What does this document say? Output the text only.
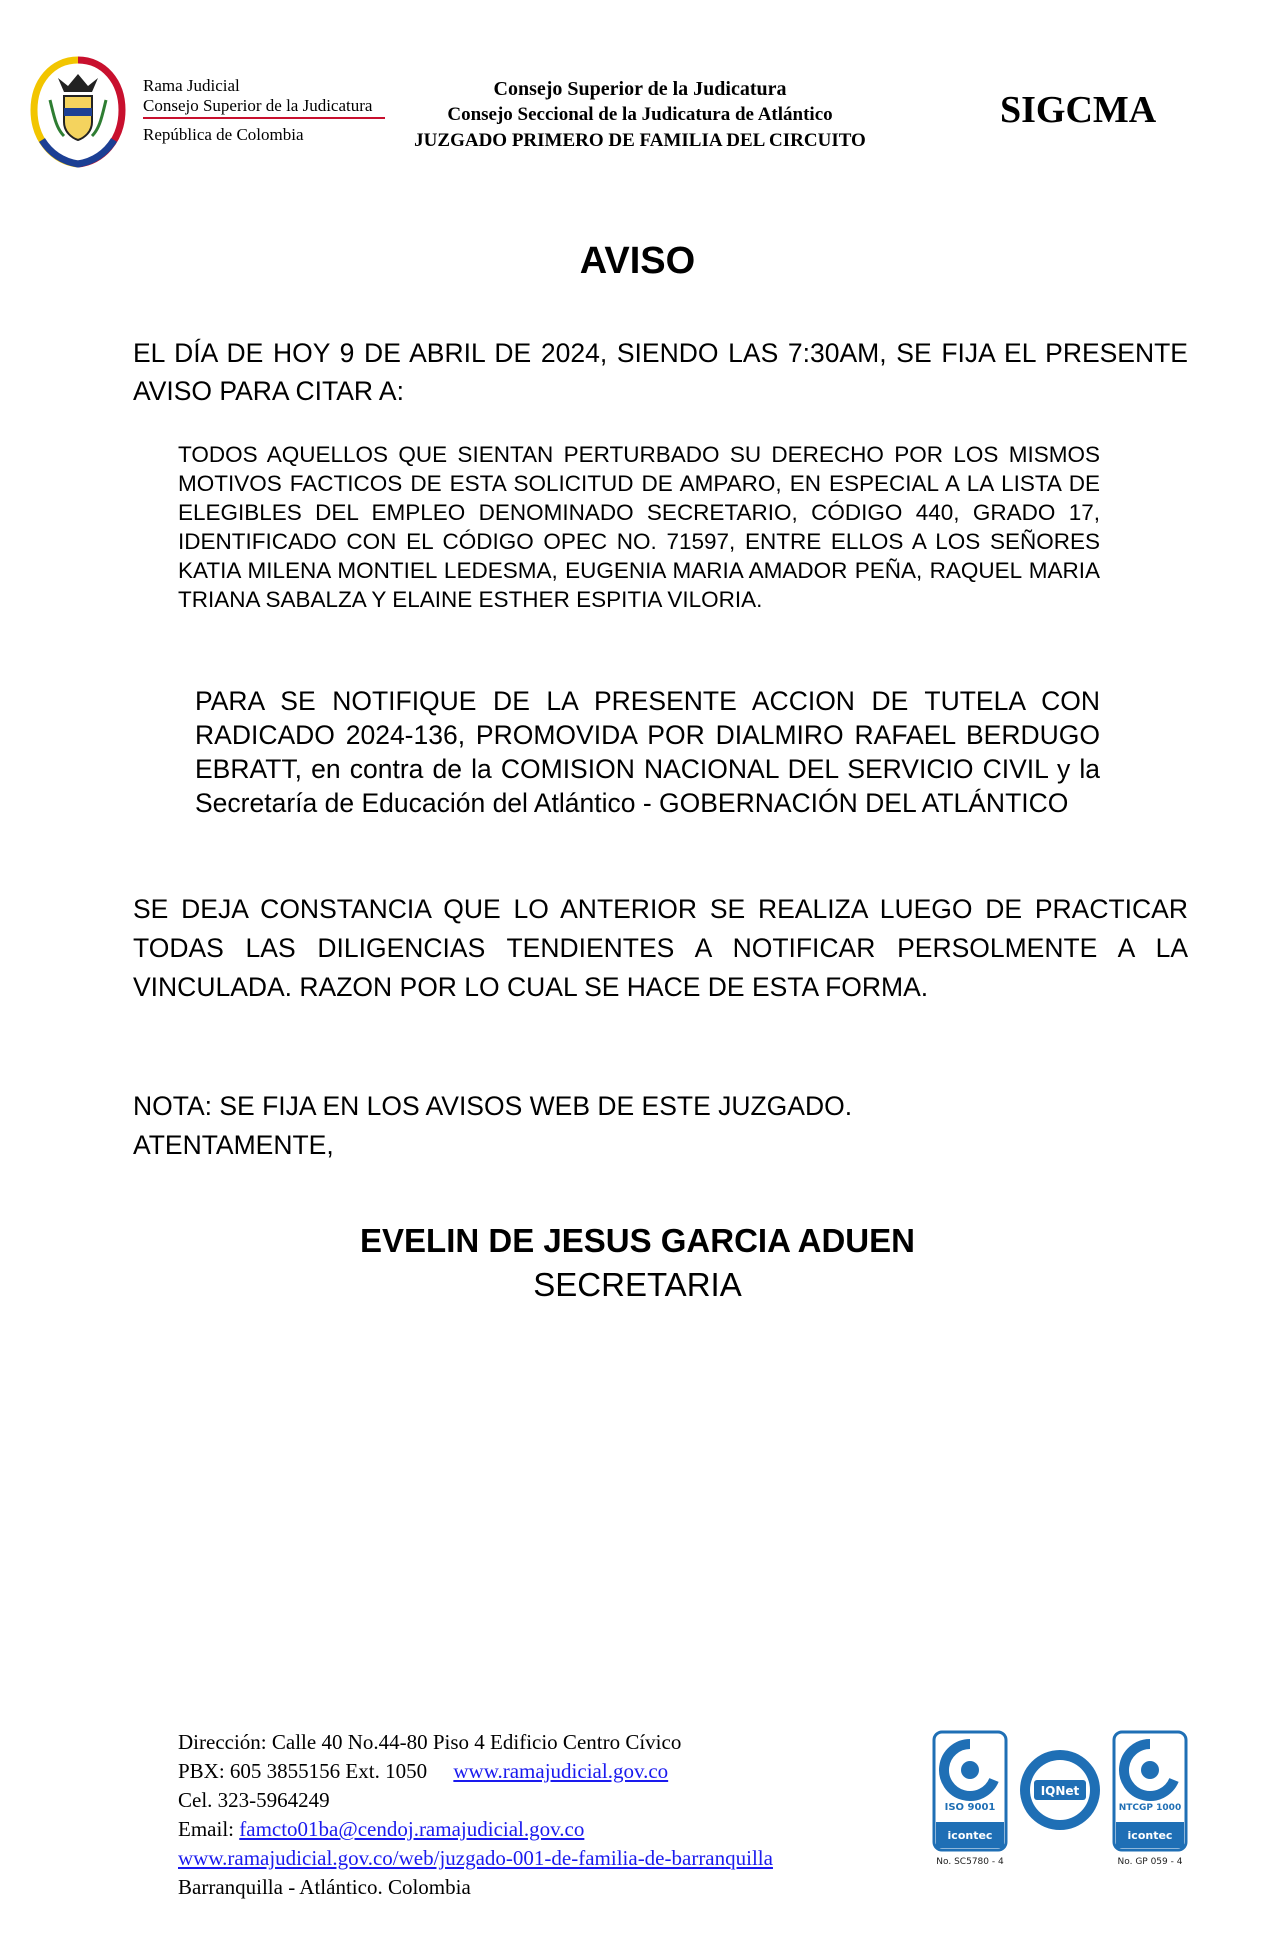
Rama Judicial
Consejo Superior de la Judicatura
República de Colombia
Consejo Superior de la Judicatura
Consejo Seccional de la Judicatura de Atlántico
JUZGADO PRIMERO DE FAMILIA DEL CIRCUITO
SIGCMA
AVISO
EL DÍA DE HOY 9 DE ABRIL DE 2024, SIENDO LAS 7:30AM, SE FIJA EL PRESENTE AVISO PARA CITAR A:
TODOS AQUELLOS QUE SIENTAN PERTURBADO SU DERECHO POR LOS MISMOS MOTIVOS FACTICOS DE ESTA SOLICITUD DE AMPARO, EN ESPECIAL A LA LISTA DE ELEGIBLES DEL EMPLEO DENOMINADO SECRETARIO, CÓDIGO 440, GRADO 17, IDENTIFICADO CON EL CÓDIGO OPEC NO. 71597, ENTRE ELLOS A LOS SEÑORES KATIA MILENA MONTIEL LEDESMA, EUGENIA MARIA AMADOR PEÑA, RAQUEL MARIA TRIANA SABALZA Y ELAINE ESTHER ESPITIA VILORIA.
PARA SE NOTIFIQUE DE LA PRESENTE ACCION DE TUTELA CON RADICADO 2024-136, PROMOVIDA POR DIALMIRO RAFAEL BERDUGO EBRATT, en contra de la COMISION NACIONAL DEL SERVICIO CIVIL y la Secretaría de Educación del Atlántico - GOBERNACIÓN DEL ATLÁNTICO
SE DEJA CONSTANCIA QUE LO ANTERIOR SE REALIZA LUEGO DE PRACTICAR TODAS LAS DILIGENCIAS TENDIENTES A NOTIFICAR PERSOLMENTE A LA VINCULADA. RAZON POR LO CUAL SE HACE DE ESTA FORMA.
NOTA: SE FIJA EN LOS AVISOS WEB DE ESTE JUZGADO.
ATENTAMENTE,
EVELIN DE JESUS GARCIA ADUEN
SECRETARIA
Dirección: Calle 40 No.44-80 Piso 4 Edificio Centro Cívico
PBX: 605 3855156 Ext. 1050 www.ramajudicial.gov.co
Cel. 323-5964249
Email: famcto01ba@cendoj.ramajudicial.gov.co
www.ramajudicial.gov.co/web/juzgado-001-de-familia-de-barranquilla
Barranquilla - Atlántico. Colombia
ISO 9001
icontec
No. SC5780 - 4
IQNet
NTCGP 1000
icontec
No. GP 059 - 4
